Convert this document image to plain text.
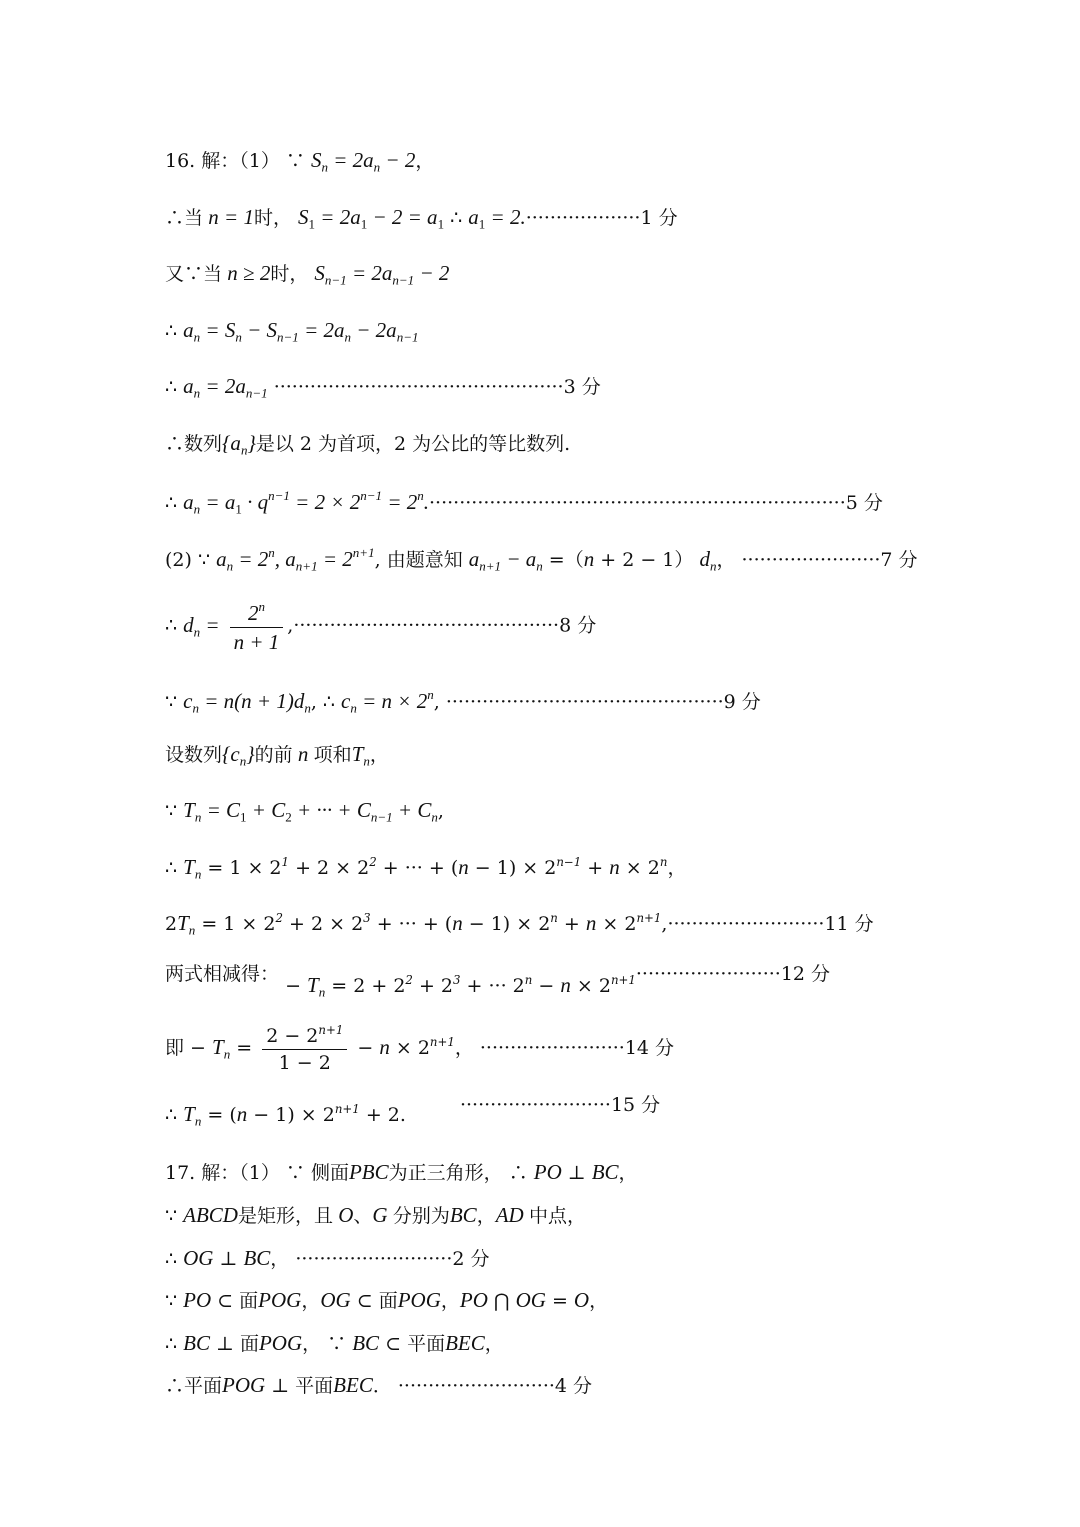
16. 解：（1） ∵ $S_n = 2a_n - 2$，
∴当 n = 1时， $S_1 = 2a_1 - 2 = a_1$ ∴ $a_1 = 2.\cdot\cdot\cdot\cdot\cdot\cdot\cdot\cdot\cdot\cdot\cdot\cdot\cdot\cdot\cdot\cdot\cdot\cdot\cdot 1$ 分
又∵当 n ≥ 2时， $S_{n-1} = 2a_{n-1} - 2$
∴ $a_n = S_n - S_{n-1} = 2a_n - 2a_{n-1}$
∴ $a_n = 2a_{n-1} \cdot\cdot\cdot\cdot\cdot\cdot\cdot\cdot\cdot\cdot\cdot\cdot\cdot\cdot\cdot\cdot\cdot\cdot\cdot\cdot\cdot\cdot\cdot\cdot\cdot\cdot\cdot\cdot\cdot\cdot\cdot\cdot\cdot\cdot\cdot\cdot\cdot\cdot\cdot\cdot\cdot\cdot\cdot\cdot\cdot\cdot\cdot\cdot 3$ 分
∴数列$\{a_n\}$是以 2 为首项，2 为公比的等比数列.
∴ $a_n = a_1 \cdot q^{n-1} = 2 \times 2^{n-1} = 2^n.\cdot\cdot\cdot\cdot\cdot\cdot\cdot\cdot\cdot\cdot\cdot\cdot\cdot\cdot\cdot\cdot\cdot\cdot\cdot\cdot\cdot\cdot\cdot\cdot\cdot\cdot\cdot\cdot\cdot\cdot\cdot\cdot\cdot\cdot\cdot\cdot\cdot\cdot\cdot\cdot\cdot\cdot\cdot\cdot\cdot\cdot\cdot\cdot\cdot\cdot\cdot\cdot\cdot\cdot\cdot\cdot\cdot\cdot\cdot\cdot\cdot\cdot\cdot\cdot\cdot\cdot\cdot\cdot\cdot 5$ 分
(2) ∵ $a_n = 2^n$, $a_{n+1} = 2^{n+1}$, 由题意知 $a_{n+1} - a_n =(n + 2 - 1)$ $d_n$， ·······················7 分
∴ $d_n = \frac{2^n}{n + 1} ,\cdot\cdot\cdot\cdot\cdot\cdot\cdot\cdot\cdot\cdot\cdot\cdot\cdot\cdot\cdot\cdot\cdot\cdot\cdot\cdot\cdot\cdot\cdot\cdot\cdot\cdot\cdot\cdot\cdot\cdot\cdot\cdot\cdot\cdot\cdot\cdot\cdot\cdot\cdot\cdot\cdot\cdot\cdot\cdot 8$ 分
∵ $c_n = n(n + 1)d_n$, ∴ $c_n = n \times 2^n$, ··············································9 分
设数列$\{c_n\}$的前 n 项和$T_n$，
∵ $T_n = C_1 + C_2$ + ··· + $C_{n-1} + C_n$,
∴ $T_n = 1 \times 2^1 + 2 \times 2^2$ + ··· + $(n - 1) \times 2^{n-1} + n \times 2^n$，
$2T_n = 1 \times 2^2 + 2 \times 2^3$ + ··· + $(n - 1) \times 2^n + n \times 2^{n+1},\cdot\cdot\cdot\cdot\cdot\cdot\cdot\cdot\cdot\cdot\cdot\cdot\cdot\cdot\cdot\cdot\cdot\cdot\cdot\cdot\cdot\cdot\cdot\cdot\cdot\cdot 11$ 分
两式相减得： − $T_n = 2 + 2^2 + 2^3$ + ··· $2^n - n \times 2^{n+1}\cdot\cdot\cdot\cdot\cdot\cdot\cdot\cdot\cdot\cdot\cdot\cdot\cdot\cdot\cdot\cdot\cdot\cdot\cdot\cdot\cdot\cdot\cdot\cdot 12$ 分
即 − $T_n = \frac{2 - 2^{n+1}}{1 - 2} - n \times 2^{n+1}$， ························14 分
∴ $T_n = (n - 1) \times 2^{n+1} + 2$.	·························15 分
17. 解：（1） ∵ 侧面PBC为正三角形， ∴ PO ⊥ BC，
∵ ABCD是矩形，且 O、G 分别为BC，AD 中点，
∴ OG ⊥ BC， ··························2 分
∵ PO ⊂ 面POG，OG ⊂ 面POG，PO ⋂ OG = O，
∴ BC ⊥ 面POG， ∵ BC ⊂ 平面BEC，
∴平面POG ⊥ 平面BEC． ··························4 分
